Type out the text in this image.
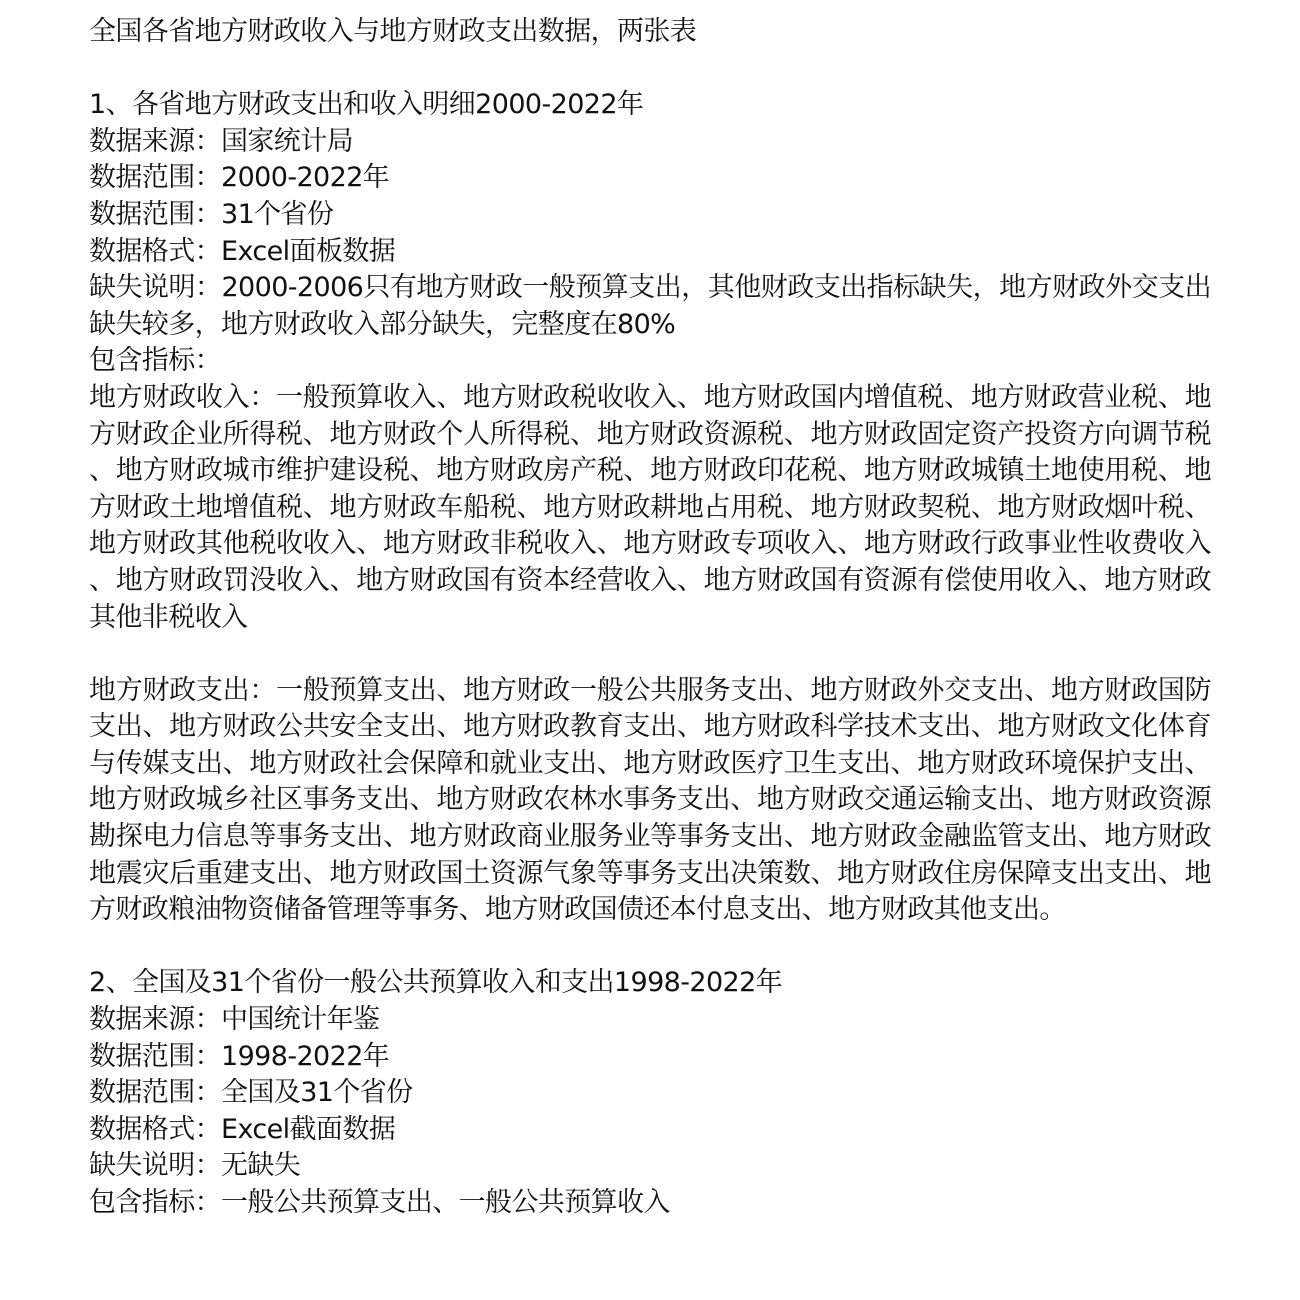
全国各省地方财政收入与地方财政支出数据，两张表
1、各省地方财政支出和收入明细2000-2022年
数据来源：国家统计局
数据范围：2000-2022年
数据范围：31个省份
数据格式：Excel面板数据

缺失说明：2000-2006只有地方财政一般预算支出，其他财政支出指标缺失，地方财政外交支出缺失较多，地方财政收入部分缺失，完整度在80%

包含指标：

地方财政收入：一般预算收入、地方财政税收收入、地方财政国内增值税、地方财政营业税、地方财政企业所得税、地方财政个人所得税、地方财政资源税、地方财政固定资产投资方向调节税、地方财政城市维护建设税、地方财政房产税、地方财政印花税、地方财政城镇土地使用税、地方财政土地增值税、地方财政车船税、地方财政耕地占用税、地方财政契税、地方财政烟叶税、地方财政其他税收收入、地方财政非税收入、地方财政专项收入、地方财政行政事业性收费收入、地方财政罚没收入、地方财政国有资本经营收入、地方财政国有资源有偿使用收入、地方财政其他非税收入

地方财政支出：一般预算支出、地方财政一般公共服务支出、地方财政外交支出、地方财政国防支出、地方财政公共安全支出、地方财政教育支出、地方财政科学技术支出、地方财政文化体育与传媒支出、地方财政社会保障和就业支出、地方财政医疗卫生支出、地方财政环境保护支出、地方财政城乡社区事务支出、地方财政农林水事务支出、地方财政交通运输支出、地方财政资源勘探电力信息等事务支出、地方财政商业服务业等事务支出、地方财政金融监管支出、地方财政地震灾后重建支出、地方财政国土资源气象等事务支出决策数、地方财政住房保障支出支出、地方财政粮油物资储备管理等事务、地方财政国债还本付息支出、地方财政其他支出。

2、全国及31个省份一般公共预算收入和支出1998-2022年
数据来源：中国统计年鉴
数据范围：1998-2022年
数据范围：全国及31个省份
数据格式：Excel截面数据
缺失说明：无缺失
包含指标：一般公共预算支出、一般公共预算收入
